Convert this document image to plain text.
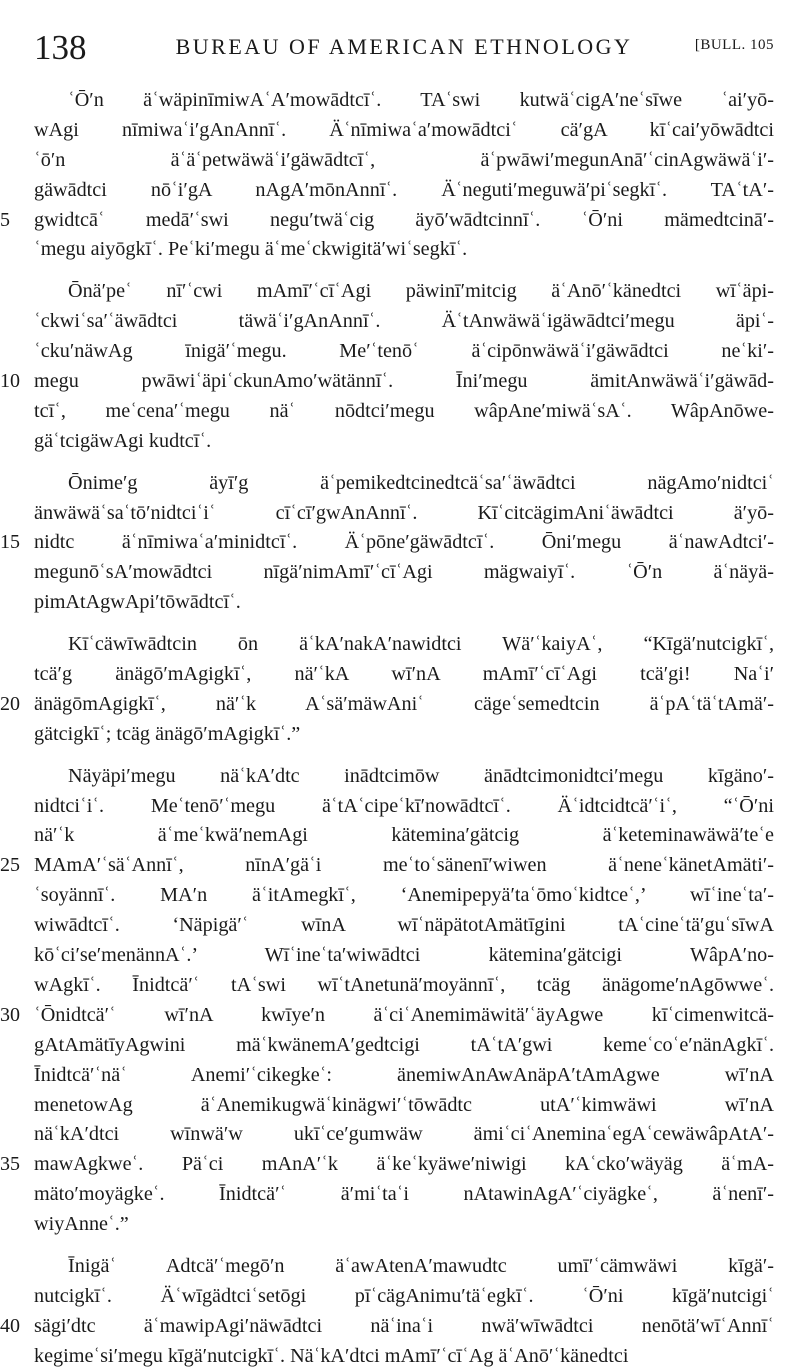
138	BUREAU OF AMERICAN ETHNOLOGY	[BULL. 105
ʿŌ′n äʿwäpinīmiwAʿA′mowādtcīʿ. TAʿswi kutwäʿcigA′neʿsīwe ʿai′yō-
wAgi nīmiwaʿi′gAnAnnīʿ. Äʿnīmiwaʿa′mowādtciʿ cä′gA kīʿcai′yōwādtci
ʿō′n äʿäʿpetwäwäʿi′gäwādtcīʿ, äʿpwāwi′megunAnā′ʿcinAgwäwäʿi′-
gäwādtci nōʿi′gA nAgA′mōnAnnīʿ. Äʿneguti′meguwä′piʿsegkīʿ. TAʿtA′-
5	gwidtcāʿ medā′ʿswi negu′twäʿcig äyō′wādtcinnīʿ. ʿŌ′ni mämedtcinā′-
ʿmegu aiyōgkīʿ. Peʿki′megu äʿmeʿckwigitä′wiʿsegkīʿ.
Ōnä′peʿ nī′ʿcwi mAmī′ʿcīʿAgi päwinī′mitcig äʿAnō′ʿkänedtci wīʿäpi-
ʿckwiʿsa′ʿäwādtci täwäʿi′gAnAnnīʿ. ÄʿtAnwäwäʿigäwādtci′megu äpiʿ-
ʿcku′näwAg īnigä′ʿmegu. Me′ʿtenōʿ äʿcipōnwäwäʿi′gäwādtci neʿki′-
10 megu pwāwiʿäpiʿckunAmo′wätännīʿ. Īni′megu ämitAnwäwäʿi′gäwād-
tcīʿ, meʿcena′ʿmegu näʿ nōdtci′megu wâpAne′miwäʿsAʿ. WâpAnōwe-
gäʿtcigäwAgi kudtcīʿ.
Ōnime′g äyī′g äʿpemikedtcinedtcäʿsa′ʿäwādtci nägAmo′nidtciʿ
änwäwäʿsaʿtō′nidtciʿiʿ cīʿcī′gwAnAnnīʿ. KīʿcitcägimAniʿäwādtci ä′yō-
15 nidtc äʿnīmiwaʿa′minidtcīʿ. Äʿpōne′gäwādtcīʿ. Ōni′megu äʿnawAdtci′-
megunōʿsA′mowādtci nīgä′nimAmī′ʿcīʿAgi mägwaiyīʿ. ʿŌ′n äʿnäyä-
pimAtAgwApi′tōwādtcīʿ.
Kīʿcäwīwādtcin ōn äʿkA′nakA′nawidtci Wä′ʿkaiyAʿ, “Kīgä′nutcigkīʿ,
tcä′g änägō′mAgigkīʿ, nä′ʿkA wī′nA mAmī′ʿcīʿAgi tcä′gi! Naʿi′
20 änägōmAgigkīʿ, nä′ʿk Aʿsä′mäwAniʿ cägeʿsemedtcin äʿpAʿtäʿtAmä′-
gätcigkīʿ; tcäg änägō′mAgigkīʿ.”
Näyäpi′megu näʿkA′dtc inādtcimōw änādtcimonidtci′megu kīgäno′-
nidtciʿiʿ. Meʿtenō′ʿmegu äʿtAʿcipeʿkī′nowādtcīʿ. Äʿidtcidtcä′ʿiʿ, “ʿŌ′ni
nä′ʿk äʿmeʿkwä′nemAgi kätemina′gätcig äʿketeminawäwä′teʿe
25 MAmA′ʿsäʿAnnīʿ, nīnA′gäʿi meʿtoʿsänenī′wiwen äʿneneʿkänetAmäti′-
ʿsoyännīʿ. MA′n äʿitAmegkīʿ, ‘Anemipepyä′taʿōmoʿkidtceʿ,’ wīʿineʿta′-
wiwādtcīʿ. ‘Näpigä′ʿ wīnA wīʿnäpätotAmätīgini tAʿcineʿtä′guʿsīwA
kōʿci′se′menännAʿ.’ Wīʿineʿta′wiwādtci kätemina′gätcigi WâpA′no-
wAgkīʿ. Īnidtcä′ʿ tAʿswi wīʿtAnetunä′moyännīʿ, tcäg änägome′nAgōwweʿ.
30 ʿŌnidtcä′ʿ wī′nA kwīye′n äʿciʿAnemimäwitä′ʿäyAgwe kīʿcimenwitcä-
gAtAmätīyAgwini mäʿkwänemA′gedtcigi tAʿtA′gwi kemeʿcoʿe′nänAgkīʿ.
Īnidtcä′ʿnäʿ Anemi′ʿcikegkeʿ: änemiwAnAwAnäpA′tAmAgwe wī′nA
menetowAg äʿAnemikugwäʿkinägwi′ʿtōwādtc utA′ʿkimwäwi wī′nA
näʿkA′dtci wīnwä′w ukīʿce′gumwäw ämiʿciʿAneminaʿegAʿcewäwâpAtA′-
35 mawAgkweʿ. Päʿci mAnA′ʿk äʿkeʿkyäwe′niwigi kAʿcko′wäyäg äʿmA-
mäto′moyägkeʿ. Īnidtcä′ʿ ä′miʿtaʿi nAtawinAgA′ʿciyägkeʿ, äʿnenī′-
wiyAnneʿ.”
Īnigäʿ Adtcä′ʿmegō′n äʿawAtenA′mawudtc umī′ʿcämwäwi kīgä′-
nutcigkīʿ. Äʿwīgädtciʿsetōgi pīʿcägAnimu′täʿegkīʿ. ʿŌ′ni kīgä′nutcigiʿ
40 sägi′dtc äʿmawipAgi′näwādtci näʿinaʿi nwä′wīwādtci nenōtä′wīʿAnnīʿ
kegimeʿsi′megu kīgä′nutcigkīʿ. NäʿkA′dtci mAmī′ʿcīʿAg äʿAnō′ʿkänedtci
